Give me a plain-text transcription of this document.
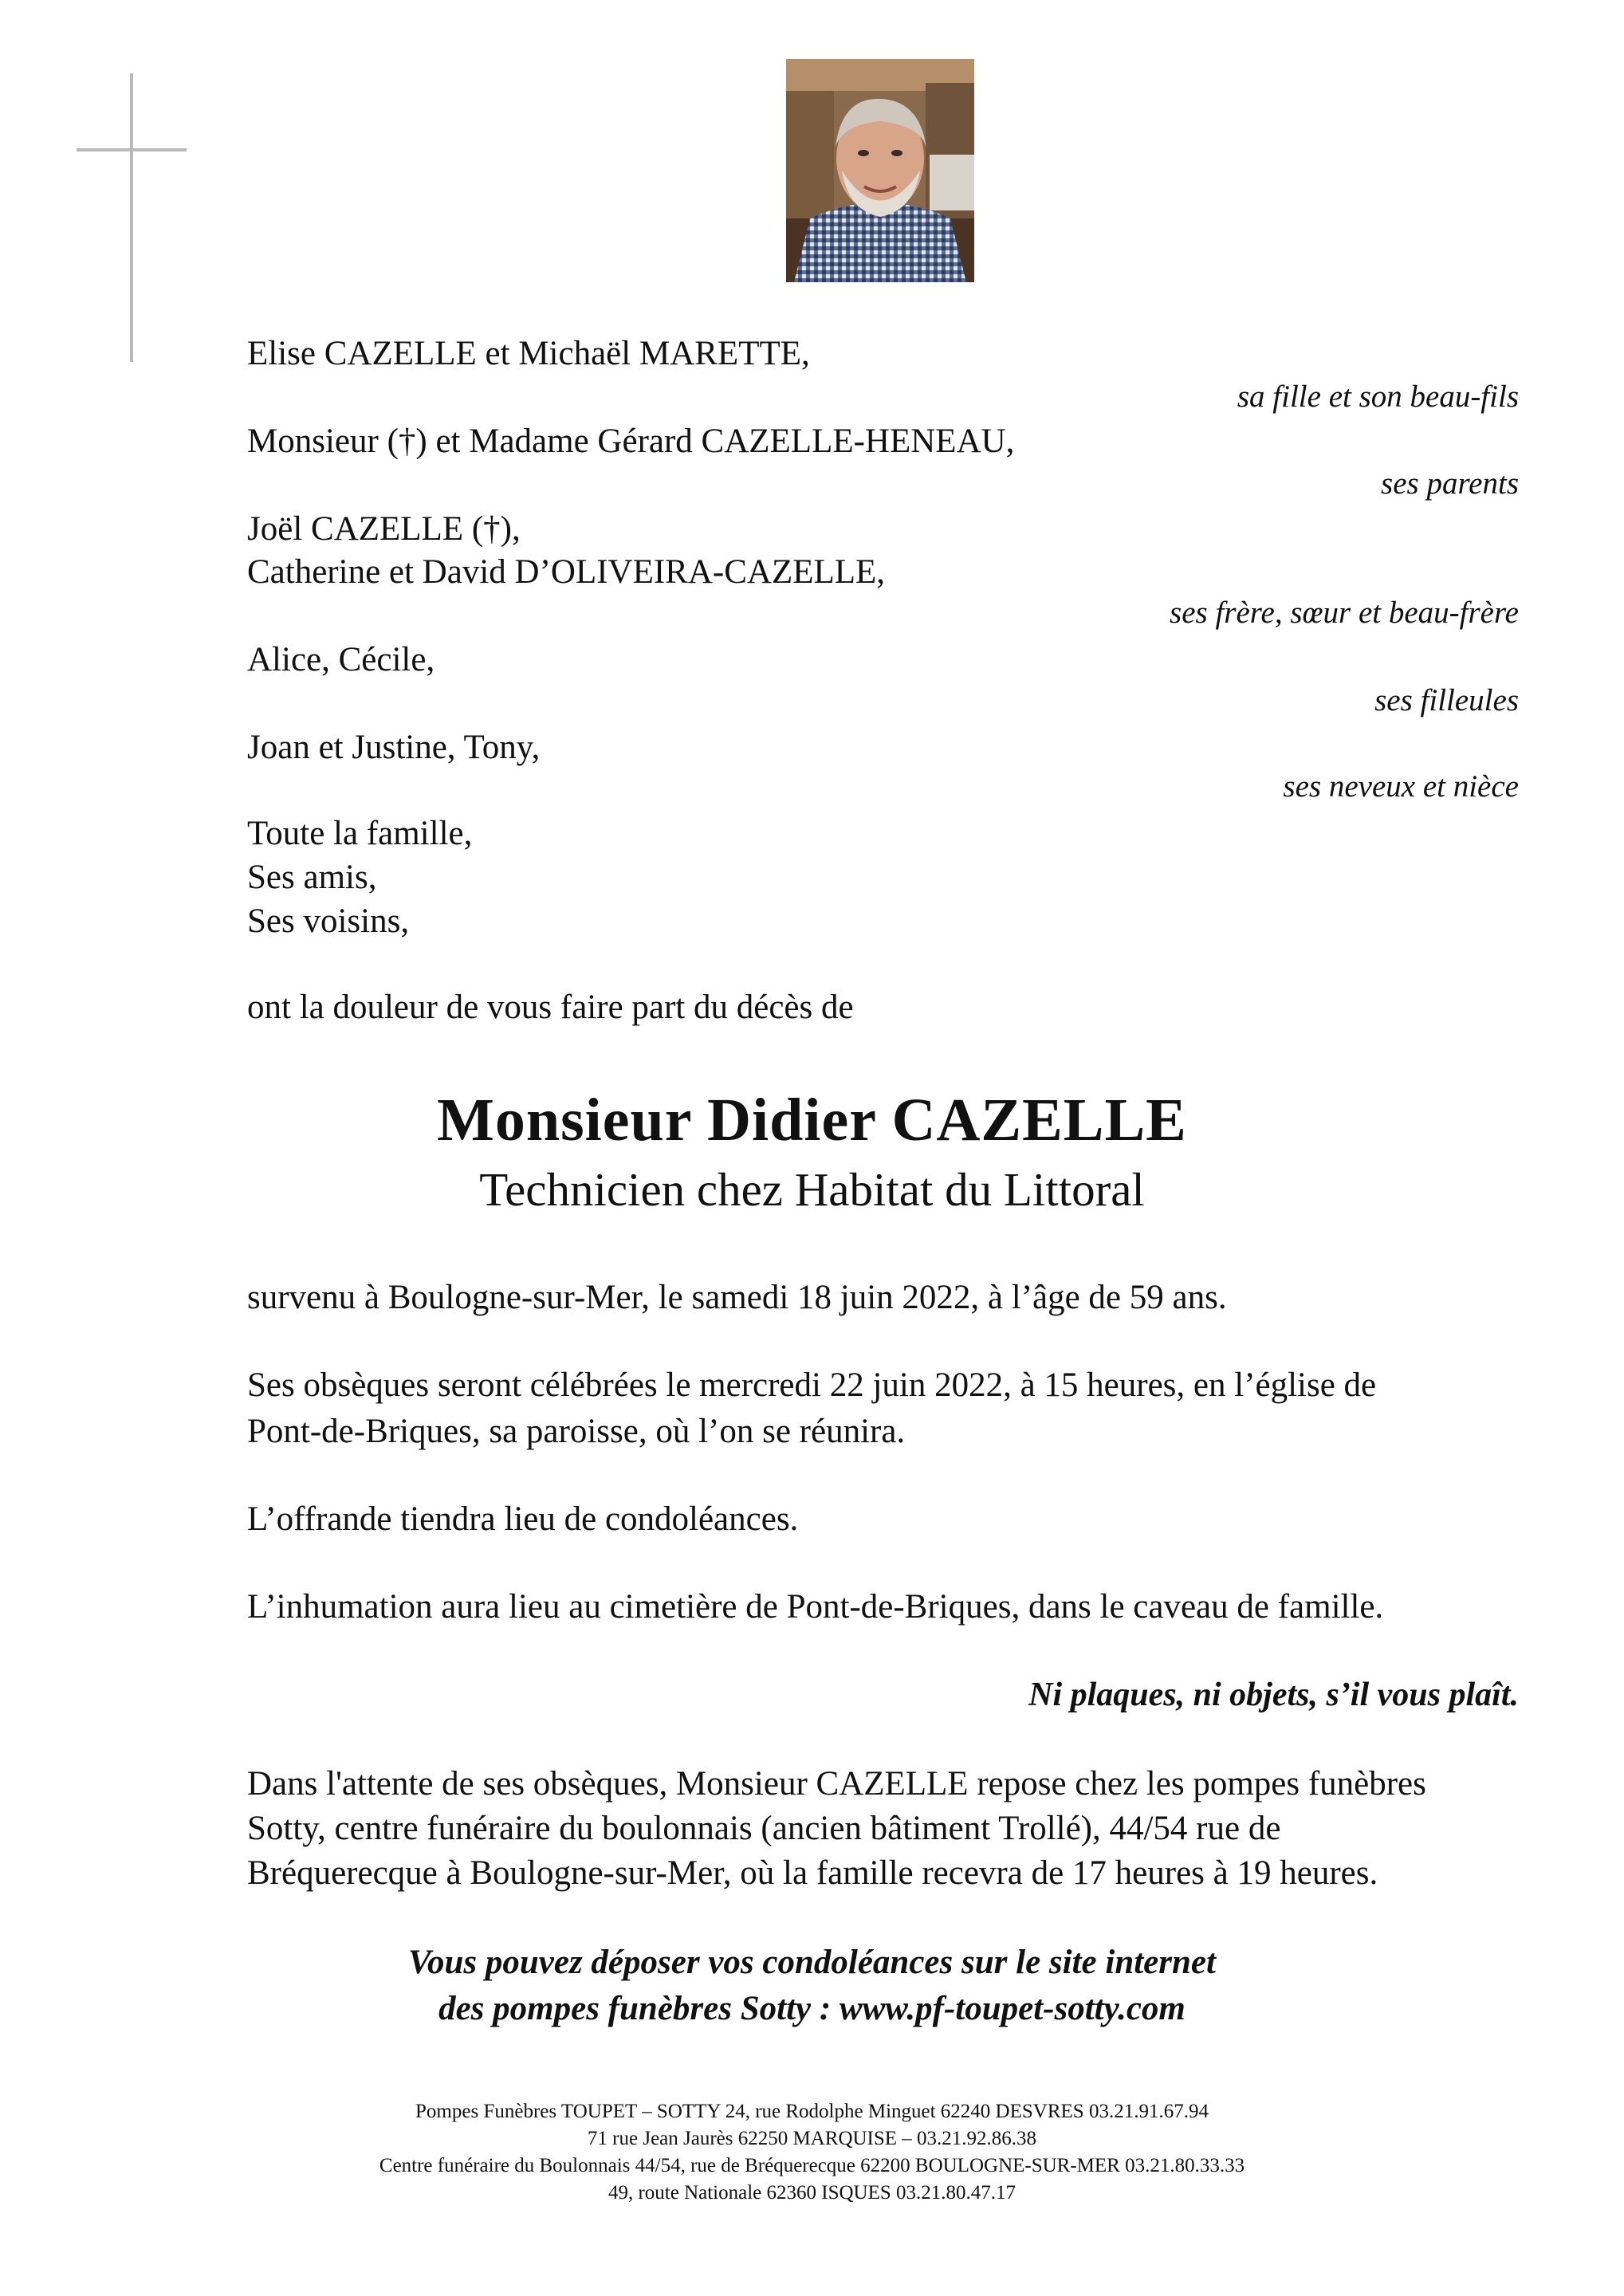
Elise CAZELLE et Michaël MARETTE,
sa fille et son beau-fils
Monsieur (†) et Madame Gérard CAZELLE-HENEAU,
ses parents
Joël CAZELLE (†),
Catherine et David D’OLIVEIRA-CAZELLE,
ses frère, sœur et beau-frère
Alice, Cécile,
ses filleules
Joan et Justine, Tony,
ses neveux et nièce
Toute la famille,
Ses amis,
Ses voisins,
ont la douleur de vous faire part du décès de
Monsieur Didier CAZELLE
Technicien chez Habitat du Littoral
survenu à Boulogne-sur-Mer, le samedi 18 juin 2022, à l’âge de 59 ans.
Ses obsèques seront célébrées le mercredi 22 juin 2022, à 15 heures, en l’église de
Pont-de-Briques, sa paroisse, où l’on se réunira.
L’offrande tiendra lieu de condoléances.
L’inhumation aura lieu au cimetière de Pont-de-Briques, dans le caveau de famille.
Ni plaques, ni objets, s’il vous plaît.
Dans l'attente de ses obsèques, Monsieur CAZELLE repose chez les pompes funèbres
Sotty, centre funéraire du boulonnais (ancien bâtiment Trollé), 44/54 rue de
Bréquerecque à Boulogne-sur-Mer, où la famille recevra de 17 heures à 19 heures.
Vous pouvez déposer vos condoléances sur le site internet
des pompes funèbres Sotty : www.pf-toupet-sotty.com
Pompes Funèbres TOUPET – SOTTY 24, rue Rodolphe Minguet 62240 DESVRES 03.21.91.67.94
71 rue Jean Jaurès 62250 MARQUISE – 03.21.92.86.38
Centre funéraire du Boulonnais 44/54, rue de Bréquerecque 62200 BOULOGNE-SUR-MER 03.21.80.33.33
49, route Nationale 62360 ISQUES 03.21.80.47.17
